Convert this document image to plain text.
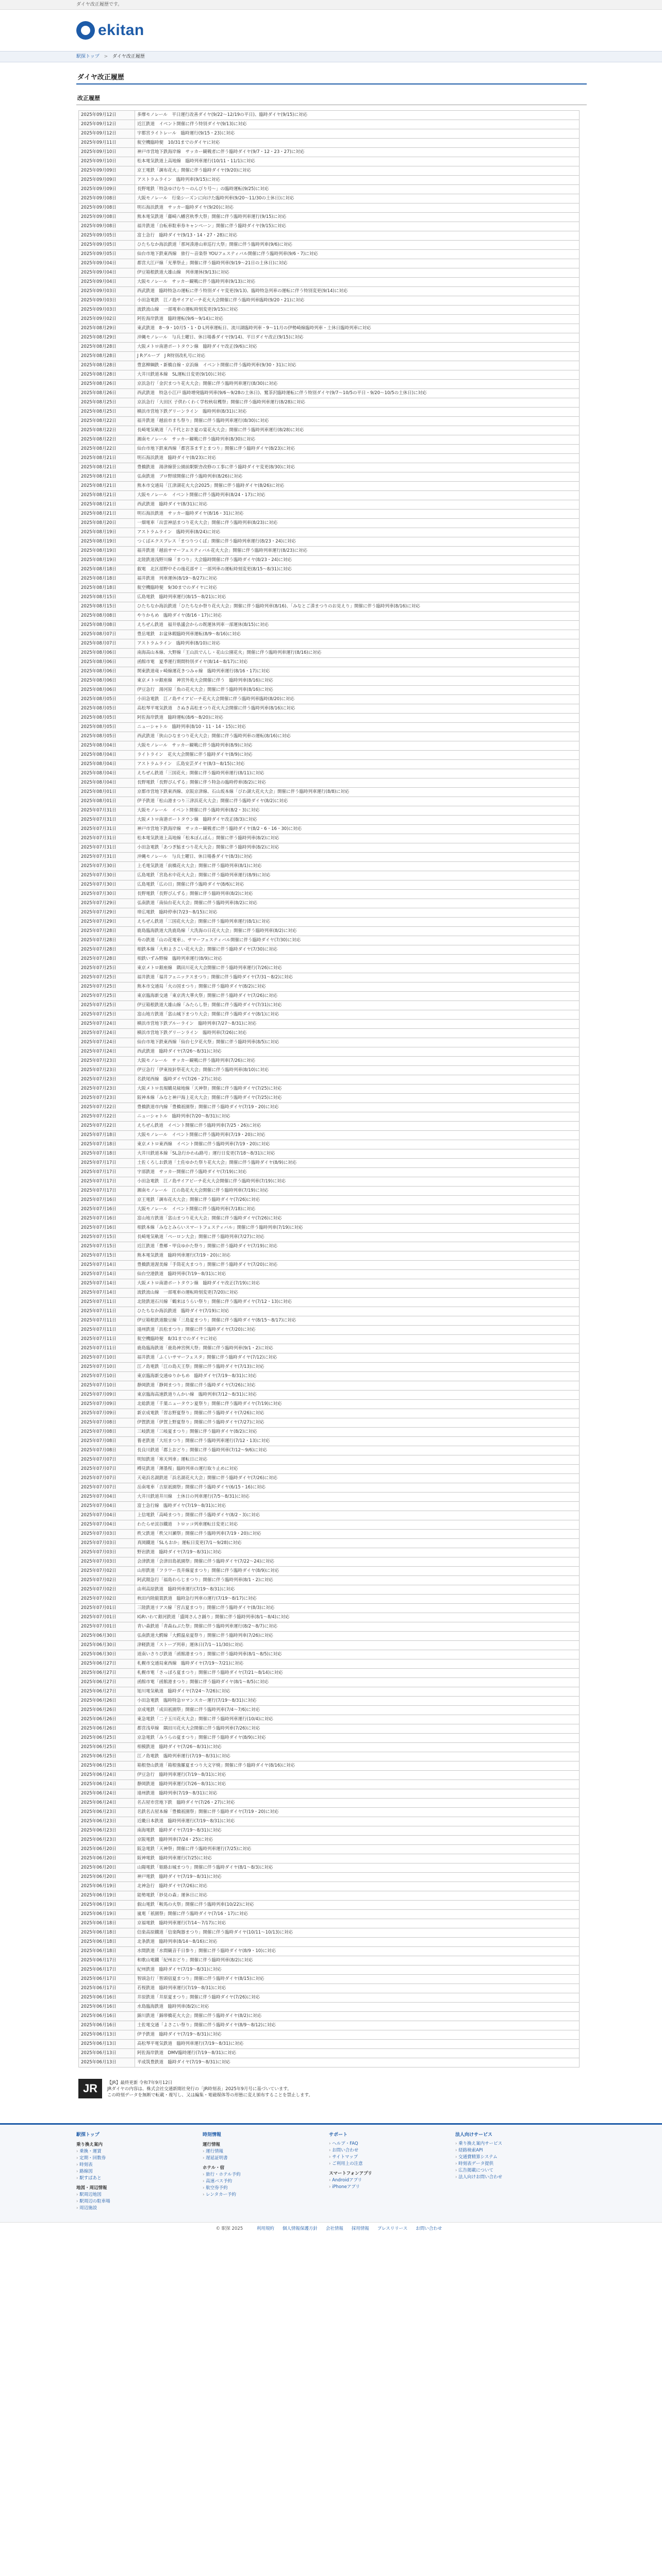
ダイヤ改正履歴です。
ekitan
駅探トップ > ダイヤ改正履歴
ダイヤ改正履歴
改正履歴
2025年09月12日	多摩モノレール　平日運行改善ダイヤ(9/22〜12/19の平日)、臨時ダイヤ(9/15)に対応
2025年09月12日	近江鉄道　イベント開催に伴う特別ダイヤ(9/13)に対応
2025年09月12日	宇都宮ライトレール　臨時運行(9/15・23)に対応
2025年09月11日	航空機臨時便　10/31までのダイヤに対応
2025年09月10日	神戸市営地下鉄海岸線　サッカー観戦者に伴う臨時ダイヤ(9/7・12・23・27)に対応
2025年09月10日	松本電気鉄道上高地線　臨時列車運行(10/11・11/1)に対応
2025年09月09日	京王電鉄「調布花火」開催に伴う臨時ダイヤ(9/20)に対応
2025年09月09日	アストラムライン　臨時列車(9/15)に対応
2025年09月09日	長野電鉄「特急ゆけむり〜のんびり号〜」の臨時運転(9/25)に対応
2025年09月08日	大阪モノレール　行楽シーズンに向けた臨時列車(9/20〜11/30の土休日)に対応
2025年09月08日	明石海浜鉄道　サッカー臨時ダイヤ(9/20)に対応
2025年09月08日	熊本電気鉄道「藤崎八幡宮秋季大祭」開催に伴う臨時列車運行(9/15)に対応
2025年09月08日	福井鉄道「自転車駐車券キャンペーン」開催に伴う臨時ダイヤ(9/15)に対応
2025年09月05日	富士急行　臨時ダイヤ(9/13・14・27・28)に対応
2025年09月05日	ひたちなか海浜鉄道「那珂湊港山車巡行大祭」開催に伴う臨時列車(9/6)に対応
2025年09月05日	仙台市地下鉄東西線　旅行〜音楽祭 YOUフェスティバル開催に伴う臨時列車(9/6・7)に対応
2025年09月04日	都営大江戸線「光華祭止」開催に伴う臨時列車(9/19〜21日の土休日)に対応
2025年09月04日	伊豆箱根鉄道大雄山線　列車運休(9/13)に対応
2025年09月04日	大阪モノレール　サッカー観戦に伴う臨時列車(9/13)に対応
2025年09月03日	西武鉄道　臨時特急の運転に伴う特別ダイヤ変更(9/13)、臨時特急列車の運転に伴う特別変更(9/14)に対応
2025年09月03日	小田急電鉄　江ノ島サイアビーチ花火大会開催に伴う臨時列車臨時(9/20・21)に対応
2025年09月03日	流鉄流山線　一部電車の運転時刻変更(9/15)に対応
2025年09月02日	阿佐海岸鉄道　臨時運転(9/6〜9/14)に対応
2025年08月29日	東武鉄道　8〜9・10月5・1・D L列車運転日、流川湖臨時列車・9〜11月の伊勢崎線臨時列車・土休日臨時列車に対応
2025年08月29日	沖縄モノレール　与兵土曜日、休日場番ダイヤ(9/14)、平日ダイヤ改正(9/15)に対応
2025年08月28日	大阪メトロ南港ポートタウン線　臨時ダイヤ改正(9/6)に対応
2025年08月28日	J Rグループ　J R特別改札号に対応
2025年08月28日	豊富柳綱鉄・新橋自線・京浜線　イベント開催に伴う臨時列車(9/30・31)に対応
2025年08月28日	大井川鉄道本線　SL運転日変更(9/10)に対応
2025年08月26日	京浜急行「金沢まつり花火大会」開催に伴う臨時列車運行(8/30)に対応
2025年08月26日	西武鉄道　特急小江戸 臨時増発臨時列車(9/6〜9/28の土休日)、鷲茶沢臨時運転に伴う特別ダイヤ(9/7〜10/5の平日・9/20〜10/5の土休日)に対応
2025年08月25日	京浜急行「大田区 子供わくわく学校秋収穫祭」開催に伴う臨時列車運行(8/28)に対応
2025年08月25日	横浜市営地下鉄グリーンライン　臨時列車(8/31)に対応
2025年08月22日	福井鉄道「越前市まち祭り」開催に伴う臨時列車運行(8/30)に対応
2025年08月22日	長崎電気軌道「八千代とおさ夏の宴花火大会」開催に伴う臨時列車運行(8/28)に対応
2025年08月22日	湘南モノレール　サッカー観戦に伴う臨時列車(8/30)に対応
2025年08月22日	仙台市地下鉄東西線「都宮茶ますとまつり」開催に伴う臨時ダイヤ(8/23)に対応
2025年08月21日	明石海浜鉄道　臨時ダイヤ(8/23)に対応
2025年08月21日	豊橋鉄道　湯津線笹公園前駅駅舎改修の工事に伴う臨時ダイヤ変更(8/30)に対応
2025年08月21日	弘南鉄道　ブロ野球開催に伴う臨時列車(8/26)に対応
2025年08月21日	熊本市交通局「江津湖花火大会2025」開催に伴う臨時ダイヤ(8/26)に対応
2025年08月21日	大阪モノレール　イベント開催に伴う臨時列車(8/24・17)に対応
2025年08月21日	西武鉄道　臨時ダイヤ(8/31)に対応
2025年08月21日	明石海浜鉄道　サッカー臨時ダイヤ(8/16・31)に対応
2025年08月20日	一畑電車「出雲神話まつり花火大会」開催に伴う臨時列車(8/23)に対応
2025年08月19日	アストラムライン　臨時列車(8/24)に対応
2025年08月19日	つくばエクスプレス「まつりつくば」開催に伴う臨時列車運行(8/23・24)に対応
2025年08月19日	福井鉄道「越前サマーフェスティバル花火大会」開催に伴う臨時列車運行(8/23)に対応
2025年08月19日	北陸鉄道浅野川線「まつり」大会臨時開催に伴う臨時ダイヤ(8/23・24)に対応
2025年08月18日	叡電　北区部野中その後花部サミ一部列車の運転時刻変更(8/15〜8/31)に対応
2025年08月18日	福井鉄道　列車運休(8/19〜8/27)に対応
2025年08月18日	航空機臨時便　9/30までのダイヤに対応
2025年08月15日	広島電鉄　臨時列車運行(8/15〜8/21)に対応
2025年08月15日	ひたちなか海浜鉄道「ひたちなか祭り花火大会」開催に伴う臨時列車(8/16)、「みなとご湊まつりのお見えり」開催に伴う臨時列車(8/16)に対応
2025年08月08日	やりかもめ　臨時ダイヤ(8/16・17)に対応
2025年08月08日	えちぜん鉄道　福井県議会からの既運休列車一部運休(8/15)に対応
2025年08月07日	豊岳電鉄　お盆休暇臨時列車運転(8/9〜8/16)に対応
2025年08月07日	アストラムライン　臨時列車(8/10)に対応
2025年08月06日	南海高山本線、大野線「王山浜でんし・花山公園花火」開催に伴う臨時列車運行(8/16)に対応
2025年08月06日	函館市電　夏季運行期間特別ダイヤ(8/14〜8/17)に対応
2025年08月06日	関東鉄道竜ヶ崎線運花きつみゃ線　臨時列車運行(8/16・17)に対応
2025年08月06日	東京メトロ銀座線　神宮外苑大会開催に伴う　臨時列車(8/16)に対応
2025年08月06日	伊豆急行　湯河原「魚の花火大会」開催に伴う臨時列車(8/16)に対応
2025年08月05日	小田急電鉄　江ノ島サイアビーチ花火大会開催に伴う臨時列車臨時(8/20)に対応
2025年08月05日	高松琴平電気鉄道　さぬき高松まつり花火大会開催に伴う臨時列車(8/16)に対応
2025年08月05日	阿佐海岸鉄道　臨時運転(8/6〜8/20)に対応
2025年08月05日	ニューシャトル　臨時列車(8/10・11・14・15)に対応
2025年08月05日	西武鉄道「狭山ひなまつり花火大会」開催に伴う臨時列車の運転(8/16)に対応
2025年08月04日	大阪モノレール　サッカー観戦に伴う臨時列車(8/9)に対応
2025年08月04日	ライトライン　花火大会開催に伴う臨時ダイヤ(8/9)に対応
2025年08月04日	アストラムライン　広島安芸ダイヤ(8/3〜8/15)に対応
2025年08月04日	えちぜん鉄道「三国花火」開催に伴う臨時列車運行(8/11)に対応
2025年08月04日	長野電鉄「長野ぴんずる」開催に伴う特急の臨時停車(8/2)に対応
2025年08月01日	京都市営地下鉄東西線、京阪京津線、石山坂本線「びわ湖大花火大会」開催に伴う臨時列車運行(8/8)に対応
2025年08月01日	伊予鉄道「松山港まつり三津浜花火大会」開催に伴う臨時ダイヤ(8/2)に対応
2025年07月31日	大阪モノレール　イベント開催に伴う臨時列車(8/2・3)に対応
2025年07月31日	大阪メトロ南港ポートタウン線　臨時ダイヤ改正(8/3)に対応
2025年07月31日	神戸市営地下鉄海岸線　サッカー観戦者に伴う臨時ダイヤ(8/2・6・16・30)に対応
2025年07月31日	松本電気鉄道上高地線「松本ぼんぼん」開催に伴う臨時列車(8/2)に対応
2025年07月31日	小田急電鉄「あつぎ鮎まつり花火大会」開催に伴う臨時列車(8/2)に対応
2025年07月31日	沖縄モノレール　与兵土曜日、休日場番ダイヤ(8/3)に対応
2025年07月30日	上毛電気鉄道「前橋花火大会」開催に伴う臨時列車(8/1)に対応
2025年07月30日	広島電鉄「宮島水中花火大会」開催に伴う臨時列車運行(8/9)に対応
2025年07月30日	広島電鉄「広の日」開催に伴う臨時ダイヤ(8/6)に対応
2025年07月30日	長野電鉄「長野びんずる」開催に伴う臨時列車(8/2)に対応
2025年07月29日	弘南鉄道「南仙台花火大会」開催に伴う臨時列車(8/2)に対応
2025年07月29日	帯広電鉄　臨時停車(7/23〜8/15)に対応
2025年07月29日	えちぜん鉄道「三国花火大会」開催に伴う臨時列車運行(8/1)に対応
2025年07月28日	鹿島臨海鉄道大洗鹿島線「大洗海の日花火大会」開催に伴う臨時列車(8/2)に対応
2025年07月28日	寿の鉄道「山の花電車」、サマーフェスティバル開催に伴う臨時ダイヤ(7/30)に対応
2025年07月28日	相鉄本線「大和よさこい花火大会」開催に伴う臨時ダイヤ(7/30)に対応
2025年07月28日	相鉄いずみ野線　臨時列車運行(8/9)に対応
2025年07月25日	東京メトロ銀座線　隅田川花火大会開催に伴う臨時列車運行(7/26)に対応
2025年07月25日	福井鉄道「福井フェニックスまつり」開催に伴う臨時ダイヤ(7/31〜8/2)に対応
2025年07月25日	熊本市交通局「火の国まつり」開催に伴う臨時ダイヤ(8/2)に対応
2025年07月25日	東京臨海新交通「東京湾大華火祭」開催に伴う臨時ダイヤ(7/26)に対応
2025年07月25日	伊豆箱根鉄道大雄山線「みたらし祭」開催に伴う臨時ダイヤ(7/31)に対応
2025年07月25日	富山地方鉄道「富山城下まつり大会」開催に伴う臨時ダイヤ(8/1)に対応
2025年07月24日	横浜市営地下鉄ブルーライン　臨時列車(7/27〜8/31)に対応
2025年07月24日	横浜市営地下鉄グリーンライン　臨時列車(7/26)に対応
2025年07月24日	仙台市地下鉄東西線「仙台七夕花火祭」開催に伴う臨時列車(8/5)に対応
2025年07月24日	西武鉄道　臨時ダイヤ(7/26〜8/31)に対応
2025年07月23日	大阪モノレール　サッカー観戦に伴う臨時列車(7/26)に対応
2025年07月23日	伊豆急行「伊東按針祭花火大会」開催に伴う臨時列車(8/10)に対応
2025年07月23日	名鉄尾西線　臨時ダイヤ(7/26・27)に対応
2025年07月23日	大阪メトロ長堀鶴見緑地線「天神祭」開催に伴う臨時ダイヤ(7/25)に対応
2025年07月23日	阪神本線「みなと神戸海上花火大会」開催に伴う臨時ダイヤ(7/25)に対応
2025年07月22日	豊橋鉄道市内線「豊橋祇園祭」開催に伴う臨時ダイヤ(7/19・20)に対応
2025年07月22日	ニューシャトル　臨時列車(7/20〜8/31)に対応
2025年07月22日	えちぜん鉄道　イベント開催に伴う臨時列車(7/25・26)に対応
2025年07月18日	大阪モノレール　イベント開催に伴う臨時列車(7/19・20)に対応
2025年07月18日	東京メトロ東西線　イベント開催に伴う臨時列車(7/19・20)に対応
2025年07月18日	大井川鉄道本線「SL急行かわね路号」運行日変更(7/18〜8/31)に対応
2025年07月17日	土佐くろしお鉄道「土佐ゆかた祭り花火大会」開催に伴う臨時ダイヤ(8/9)に対応
2025年07月17日	宇部鉄道　サッカー開催に伴う臨時ダイヤ(7/19)に対応
2025年07月17日	小田急電鉄　江ノ島サイアビーチ花火大会開催に伴う臨時列車(7/19)に対応
2025年07月17日	湘南モノレール　江の島花火大会開催に伴う臨時列車(7/19)に対応
2025年07月16日	京王電鉄「調布花火大会」開催に伴う臨時ダイヤ(7/26)に対応
2025年07月16日	大阪モノレール　イベント開催に伴う臨時列車(7/18)に対応
2025年07月16日	富山地方鉄道「富山まつり花火大会」開催に伴う臨時ダイヤ(7/26)に対応
2025年07月16日	相鉄本線「みなとみらいスマートフェスティバル」開催に伴う臨時列車(7/19)に対応
2025年07月15日	長崎電気軌道「ペーロン大会」開催に伴う臨時列車(7/27)に対応
2025年07月15日	近江鉄道「豊郷・甲良ゆかた祭り」開催に伴う臨時ダイヤ(7/19)に対応
2025年07月15日	熊本電気鉄道　臨時列車運行(7/19・20)に対応
2025年07月14日	豊橋鉄道渥美線「手筒花火まつり」開催に伴う臨時ダイヤ(7/20)に対応
2025年07月14日	仙台空港鉄道　臨時列車(7/19〜8/31)に対応
2025年07月14日	大阪メトロ南港ポートタウン線　臨時ダイヤ改正(7/19)に対応
2025年07月14日	流鉄流山線　一部電車の運転時刻変更(7/20)に対応
2025年07月11日	北陸鉄道石川線「鶴来ほうらい祭り」開催に伴う臨時ダイヤ(7/12・13)に対応
2025年07月11日	ひたちなか海浜鉄道　臨時ダイヤ(7/19)に対応
2025年07月11日	伊豆箱根鉄道駿豆線「三島夏まつり」開催に伴う臨時ダイヤ(8/15〜8/17)に対応
2025年07月11日	遠州鉄道「浜松まつり」開催に伴う臨時ダイヤ(7/20)に対応
2025年07月11日	航空機臨時便　8/31までのダイヤに対応
2025年07月11日	鹿島臨海鉄道「鹿島神宮例大祭」開催に伴う臨時列車(9/1・2)に対応
2025年07月10日	福井鉄道「ふくいサマーフェスタ」開催に伴う臨時ダイヤ(7/12)に対応
2025年07月10日	江ノ島電鉄「江の島天王祭」開催に伴う臨時ダイヤ(7/13)に対応
2025年07月10日	東京臨海新交通ゆりかもめ　臨時ダイヤ(7/19〜8/31)に対応
2025年07月10日	静岡鉄道「静岡まつり」開催に伴う臨時ダイヤ(7/26)に対応
2025年07月09日	東京臨海高速鉄道りんかい線　臨時列車(7/12〜8/31)に対応
2025年07月09日	北総鉄道「千葉ニュータウン夏祭り」開催に伴う臨時ダイヤ(7/19)に対応
2025年07月09日	新京成電鉄「習志野夏祭り」開催に伴う臨時ダイヤ(7/26)に対応
2025年07月08日	伊賀鉄道「伊賀上野夏祭り」開催に伴う臨時ダイヤ(7/27)に対応
2025年07月08日	三岐鉄道「三岐夏まつり」開催に伴う臨時ダイヤ(8/2)に対応
2025年07月08日	養老鉄道「大垣まつり」開催に伴う臨時列車運行(7/12・13)に対応
2025年07月08日	長良川鉄道「郡上おどり」開催に伴う臨時列車(7/12〜9/6)に対応
2025年07月07日	明知鉄道「寒天列車」運転日に対応
2025年07月07日	樽見鉄道「薄墨桜」臨時列車の運行取り止めに対応
2025年07月07日	天竜浜名湖鉄道「浜名湖花火大会」開催に伴う臨時ダイヤ(7/26)に対応
2025年07月07日	岳南電車「吉原祇園祭」開催に伴う臨時ダイヤ(6/15・16)に対応
2025年07月04日	大井川鉄道井川線　土休日の列車運行(7/5〜8/31)に対応
2025年07月04日	富士急行線　臨時ダイヤ(7/19〜8/31)に対応
2025年07月04日	上信電鉄「高崎まつり」開催に伴う臨時ダイヤ(8/2・3)に対応
2025年07月04日	わたらせ渓谷鐵道　トロッコ列車運転日変更に対応
2025年07月03日	秩父鉄道「秩父川瀬祭」開催に伴う臨時列車(7/19・20)に対応
2025年07月03日	真岡鐵道「SLもおか」運転日変更(7/1〜9/28)に対応
2025年07月03日	野岩鉄道　臨時ダイヤ(7/19〜8/31)に対応
2025年07月03日	会津鉄道「会津田島祇園祭」開催に伴う臨時ダイヤ(7/22〜24)に対応
2025年07月02日	山形鉄道「フラワー長井線夏まつり」開催に伴う臨時ダイヤ(8/9)に対応
2025年07月02日	阿武隈急行「福島わらじまつり」開催に伴う臨時列車(8/1・2)に対応
2025年07月02日	由利高原鉄道　臨時列車運行(7/19〜8/31)に対応
2025年07月02日	秋田内陸縦貫鉄道　臨時急行列車の運行(7/19〜8/17)に対応
2025年07月01日	三陸鉄道リアス線「宮古夏まつり」開催に伴う臨時ダイヤ(8/3)に対応
2025年07月01日	IGRいわて銀河鉄道「盛岡さんさ踊り」開催に伴う臨時列車(8/1〜8/4)に対応
2025年07月01日	青い森鉄道「青森ねぶた祭」開催に伴う臨時列車運行(8/2〜8/7)に対応
2025年06月30日	弘南鉄道大鰐線「大鰐温泉夏祭り」開催に伴う臨時列車(7/26)に対応
2025年06月30日	津軽鉄道「ストーブ列車」運休日(7/1〜11/30)に対応
2025年06月30日	道南いさりび鉄道「函館港まつり」開催に伴う臨時列車(8/1〜8/5)に対応
2025年06月27日	札幌市交通局東西線　臨時ダイヤ(7/19〜7/21)に対応
2025年06月27日	札幌市電「さっぽろ夏まつり」開催に伴う臨時ダイヤ(7/21〜8/14)に対応
2025年06月27日	函館市電「函館港まつり」開催に伴う臨時ダイヤ(8/1〜8/5)に対応
2025年06月27日	旭川電気軌道　臨時ダイヤ(7/24〜7/26)に対応
2025年06月26日	小田急電鉄　臨時特急ロマンスカー運行(7/19〜8/31)に対応
2025年06月26日	京成電鉄「成田祇園祭」開催に伴う臨時列車(7/4〜7/6)に対応
2025年06月26日	東急電鉄「二子玉川花火大会」開催に伴う臨時列車運行(10/4)に対応
2025年06月26日	都営浅草線　隅田川花火大会開催に伴う臨時列車(7/26)に対応
2025年06月25日	京急電鉄「みうらの夏まつり」開催に伴う臨時ダイヤ(8/9)に対応
2025年06月25日	相模鉄道　臨時ダイヤ(7/26〜8/31)に対応
2025年06月25日	江ノ島電鉄　臨時列車運行(7/19〜8/31)に対応
2025年06月25日	箱根登山鉄道「箱根強羅夏まつり大文字焼」開催に伴う臨時ダイヤ(8/16)に対応
2025年06月24日	伊豆急行　臨時列車運行(7/19〜8/31)に対応
2025年06月24日	静岡鉄道　臨時列車運行(7/26〜8/31)に対応
2025年06月24日	遠州鉄道　臨時列車(7/19〜8/31)に対応
2025年06月24日	名古屋市営地下鉄　臨時ダイヤ(7/26・27)に対応
2025年06月23日	名鉄名古屋本線「豊橋祇園祭」開催に伴う臨時ダイヤ(7/19・20)に対応
2025年06月23日	近畿日本鉄道　臨時列車運行(7/19〜8/31)に対応
2025年06月23日	南海電鉄　臨時ダイヤ(7/19〜8/31)に対応
2025年06月23日	京阪電鉄　臨時列車(7/24・25)に対応
2025年06月20日	阪急電鉄「天神祭」開催に伴う臨時列車運行(7/25)に対応
2025年06月20日	阪神電鉄　臨時列車運行(7/25)に対応
2025年06月20日	山陽電鉄「姫路お城まつり」開催に伴う臨時ダイヤ(8/1〜8/3)に対応
2025年06月20日	神戸電鉄　臨時ダイヤ(7/19〜8/31)に対応
2025年06月19日	北神急行　臨時ダイヤ(7/26)に対応
2025年06月19日	能勢電鉄「妙見の森」運休日に対応
2025年06月19日	叡山電鉄「鞍馬の火祭」開催に伴う臨時列車(10/22)に対応
2025年06月19日	嵐電「祇園祭」開催に伴う臨時ダイヤ(7/16・17)に対応
2025年06月18日	京福電鉄　臨時列車運行(7/14〜7/17)に対応
2025年06月18日	信楽高原鐵道「信楽陶器まつり」開催に伴う臨時ダイヤ(10/11〜10/13)に対応
2025年06月18日	北条鉄道　臨時列車(8/14〜8/16)に対応
2025年06月18日	水間鉄道「水間観音千日参り」開催に伴う臨時ダイヤ(8/9・10)に対応
2025年06月17日	和歌山電鐵「紀州おどり」開催に伴う臨時列車(8/2)に対応
2025年06月17日	紀州鉄道　臨時ダイヤ(7/19〜8/31)に対応
2025年06月17日	智頭急行「智頭宿夏まつり」開催に伴う臨時ダイヤ(8/15)に対応
2025年06月17日	若桜鉄道　臨時列車運行(7/19〜8/31)に対応
2025年06月16日	井原鉄道「井原夏まつり」開催に伴う臨時ダイヤ(7/26)に対応
2025年06月16日	水島臨海鉄道　臨時列車(8/2)に対応
2025年06月16日	錦川鉄道「錦帯橋花火大会」開催に伴う臨時ダイヤ(8/2)に対応
2025年06月16日	土佐電交通「よさこい祭り」開催に伴う臨時ダイヤ(8/9〜8/12)に対応
2025年06月13日	伊予鉄道　臨時ダイヤ(7/19〜8/31)に対応
2025年06月13日	高松琴平電気鉄道　臨時列車運行(7/19〜8/31)に対応
2025年06月13日	阿佐海岸鉄道　DMV臨時運行(7/19〜8/31)に対応
2025年06月13日	平成筑豊鉄道　臨時ダイヤ(7/19〜8/31)に対応
JR	【JR】最終更新 令和7年9月12日
JRダイヤの内容は、株式会社交通新聞社発行の「JR時刻表」2025年9月号に基づいています。
この時刻データを無断で転載・複写し、又は編集・電磁媒体等の形態に変え頒布することを禁止します。
駅探トップ
乗り換え案内
› 乗換・運賃
› 定期・回数券
› 時刻表
› 路線図
› 駅すぱあと
地図・周辺情報
› 駅周辺地図
› 駅周辺の駐車場
› 周辺施設
時刻情報
運行情報
› 運行情報
› 遅延証明書
ホテル・宿
› 旅行・ホテル予約
› 高速バス予約
› 航空券予約
› レンタカー予約
サポート
› ヘルプ・FAQ
› お問い合わせ
› サイトマップ
› ご利用上の注意
スマートフォンアプリ
› Androidアプリ
› iPhoneアプリ
法人向けサービス
› 乗り換え案内サービス
› 経路検索API
› 交通費精算システム
› 時刻表データ提供
› 広告掲載について
› 法人向けお問い合わせ
© 駅探 2025	利用規約 個人情報保護方針 会社情報 採用情報 プレスリリース お問い合わせ
